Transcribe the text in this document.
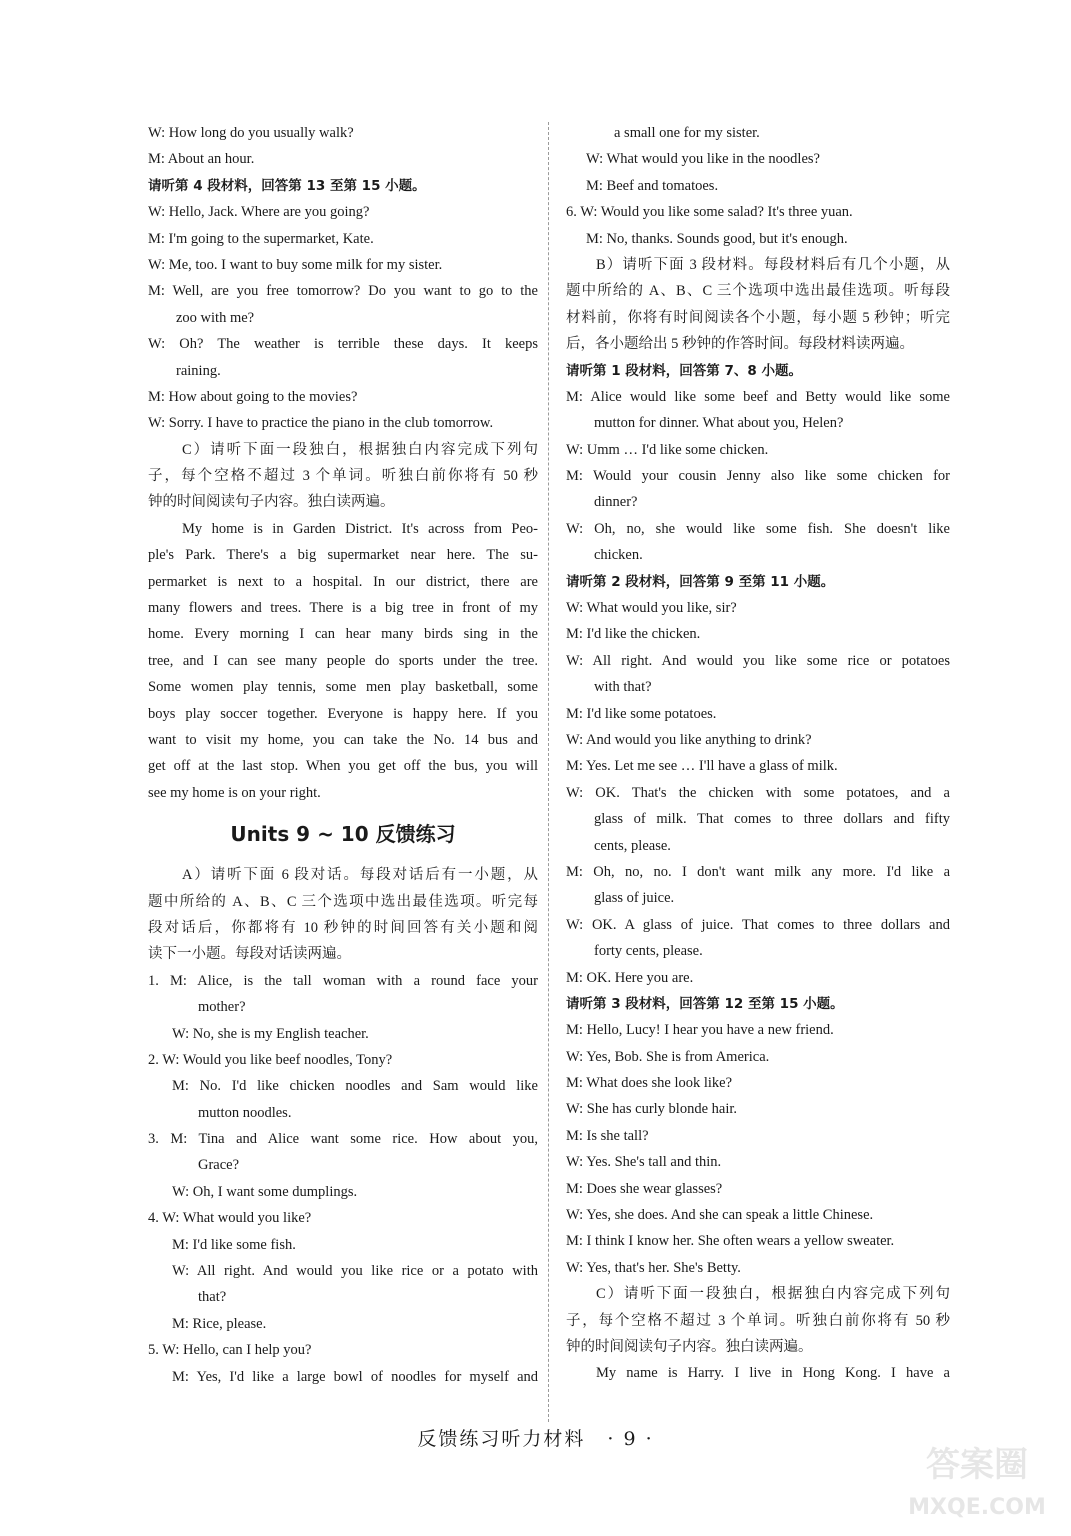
W: How long do you usually walk?
M: About an hour.
请听第 4 段材料，回答第 13 至第 15 小题。
W: Hello, Jack. Where are you going?
M: I'm going to the supermarket, Kate.
W: Me, too. I want to buy some milk for my sister.
M: Well, are you free tomorrow? Do you want to go to the
zoo with me?
W: Oh? The weather is terrible these days. It keeps
raining.
M: How about going to the movies?
W: Sorry. I have to practice the piano in the club tomorrow.
C）请听下面一段独白，根据独白内容完成下列句
子，每个空格不超过 3 个单词。听独白前你将有 50 秒
钟的时间阅读句子内容。独白读两遍。
My home is in Garden District. It's across from Peo-
ple's Park. There's a big supermarket near here. The su-
permarket is next to a hospital. In our district, there are
many flowers and trees. There is a big tree in front of my
home. Every morning I can hear many birds sing in the
tree, and I can see many people do sports under the tree.
Some women play tennis, some men play basketball, some
boys play soccer together. Everyone is happy here. If you
want to visit my home, you can take the No. 14 bus and
get off at the last stop. When you get off the bus, you will
see my home is on your right.
Units 9 ~ 10 反馈练习
A）请听下面 6 段对话。每段对话后有一小题，从
题中所给的 A、B、C 三个选项中选出最佳选项。听完每
段对话后，你都将有 10 秒钟的时间回答有关小题和阅
读下一小题。每段对话读两遍。
1. M: Alice, is the tall woman with a round face your
mother?
W: No, she is my English teacher.
2. W: Would you like beef noodles, Tony?
M: No. I'd like chicken noodles and Sam would like
mutton noodles.
3. M: Tina and Alice want some rice. How about you,
Grace?
W: Oh, I want some dumplings.
4. W: What would you like?
M: I'd like some fish.
W: All right. And would you like rice or a potato with
that?
M: Rice, please.
5. W: Hello, can I help you?
M: Yes, I'd like a large bowl of noodles for myself and
a small one for my sister.
W: What would you like in the noodles?
M: Beef and tomatoes.
6. W: Would you like some salad? It's three yuan.
M: No, thanks. Sounds good, but it's enough.
B）请听下面 3 段材料。每段材料后有几个小题，从
题中所给的 A、B、C 三个选项中选出最佳选项。听每段
材料前，你将有时间阅读各个小题，每小题 5 秒钟；听完
后，各小题给出 5 秒钟的作答时间。每段材料读两遍。
请听第 1 段材料，回答第 7、8 小题。
M: Alice would like some beef and Betty would like some
mutton for dinner. What about you, Helen?
W: Umm … I'd like some chicken.
M: Would your cousin Jenny also like some chicken for
dinner?
W: Oh, no, she would like some fish. She doesn't like
chicken.
请听第 2 段材料，回答第 9 至第 11 小题。
W: What would you like, sir?
M: I'd like the chicken.
W: All right. And would you like some rice or potatoes
with that?
M: I'd like some potatoes.
W: And would you like anything to drink?
M: Yes. Let me see … I'll have a glass of milk.
W: OK. That's the chicken with some potatoes, and a
glass of milk. That comes to three dollars and fifty
cents, please.
M: Oh, no, no. I don't want milk any more. I'd like a
glass of juice.
W: OK. A glass of juice. That comes to three dollars and
forty cents, please.
M: OK. Here you are.
请听第 3 段材料，回答第 12 至第 15 小题。
M: Hello, Lucy! I hear you have a new friend.
W: Yes, Bob. She is from America.
M: What does she look like?
W: She has curly blonde hair.
M: Is she tall?
W: Yes. She's tall and thin.
M: Does she wear glasses?
W: Yes, she does. And she can speak a little Chinese.
M: I think I know her. She often wears a yellow sweater.
W: Yes, that's her. She's Betty.
C）请听下面一段独白，根据独白内容完成下列句
子，每个空格不超过 3 个单词。听独白前你将有 50 秒
钟的时间阅读句子内容。独白读两遍。
My name is Harry. I live in Hong Kong. I have a
反馈练习听力材料 · 9 ·
答案圈
MXQE.COM
